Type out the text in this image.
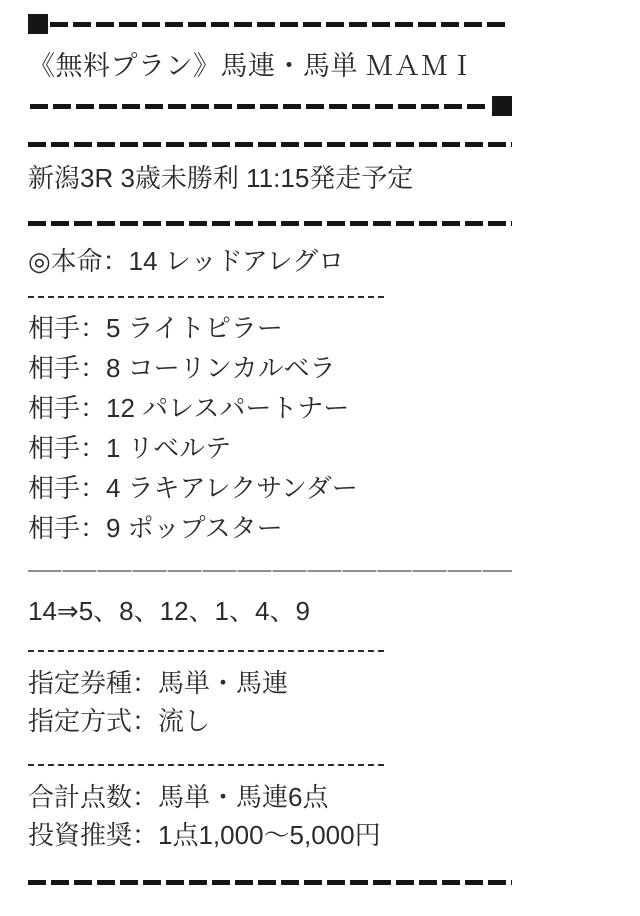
《無料プラン》馬連・馬単 ＭＡＭＩ

新潟3R 3歳未勝利 11:15発走予定

◎本命：14 レッドアレグロ

相手：5 ライトピラー

相手：8 コーリンカルベラ

相手：12 パレスパートナー

相手：1 リベルテ

相手：4 ラキアレクサンダー

相手：9 ポップスター

14⇒5、8、12、1、4、9

指定券種：馬単・馬連

指定方式：流し

合計点数：馬単・馬連6点

投資推奨：1点1,000〜5,000円
